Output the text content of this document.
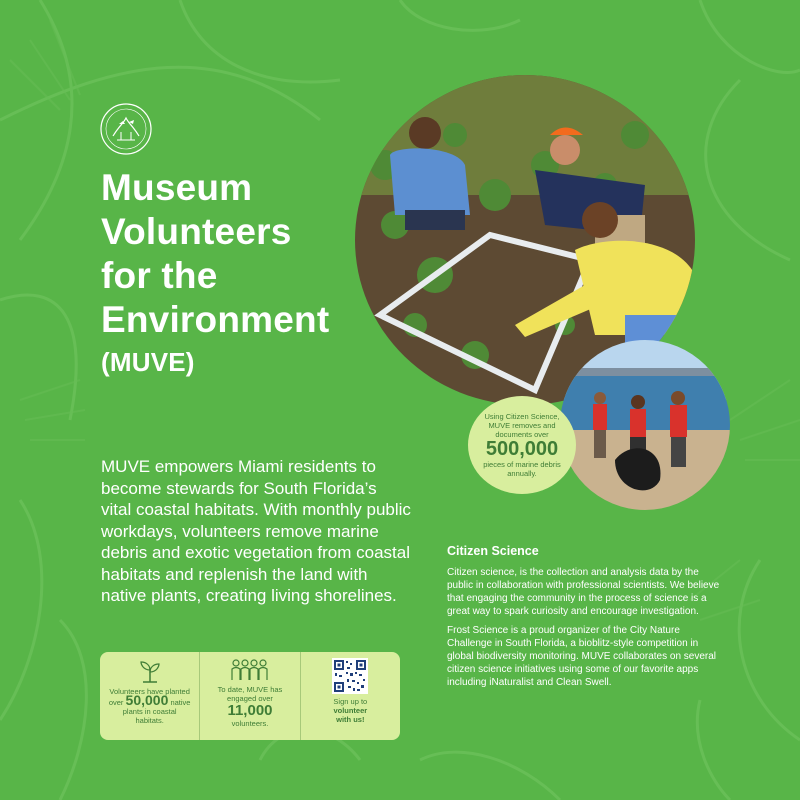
Museum
Volunteers
for the
Environment
(MUVE)

MUVE empowers Miami residents to become stewards for South Florida’s vital coastal habitats. With monthly public workdays, volunteers remove marine debris and exotic vegetation from coastal habitats and replenish the land with native plants, creating living shorelines.

Using Citizen Science,
MUVE removes and
documents over
500,000
pieces of marine debris
annually.
Volunteers have planted
over 50,000 native
plants in coastal
habitats.
To date, MUVE has
engaged over
11,000
volunteers.
Sign up to
volunteer
with us!
Citizen Science

Citizen science, is the collection and analysis data by the public in collaboration with professional scientists. We believe that engaging the community in the process of science is a great way to spark curiosity and encourage investigation.

Frost Science is a proud organizer of the City Nature Challenge in South Florida, a bioblitz-style competition in global biodiversity monitoring. MUVE collaborates on several citizen science initiatives using some of our favorite apps including iNaturalist and Clean Swell.
